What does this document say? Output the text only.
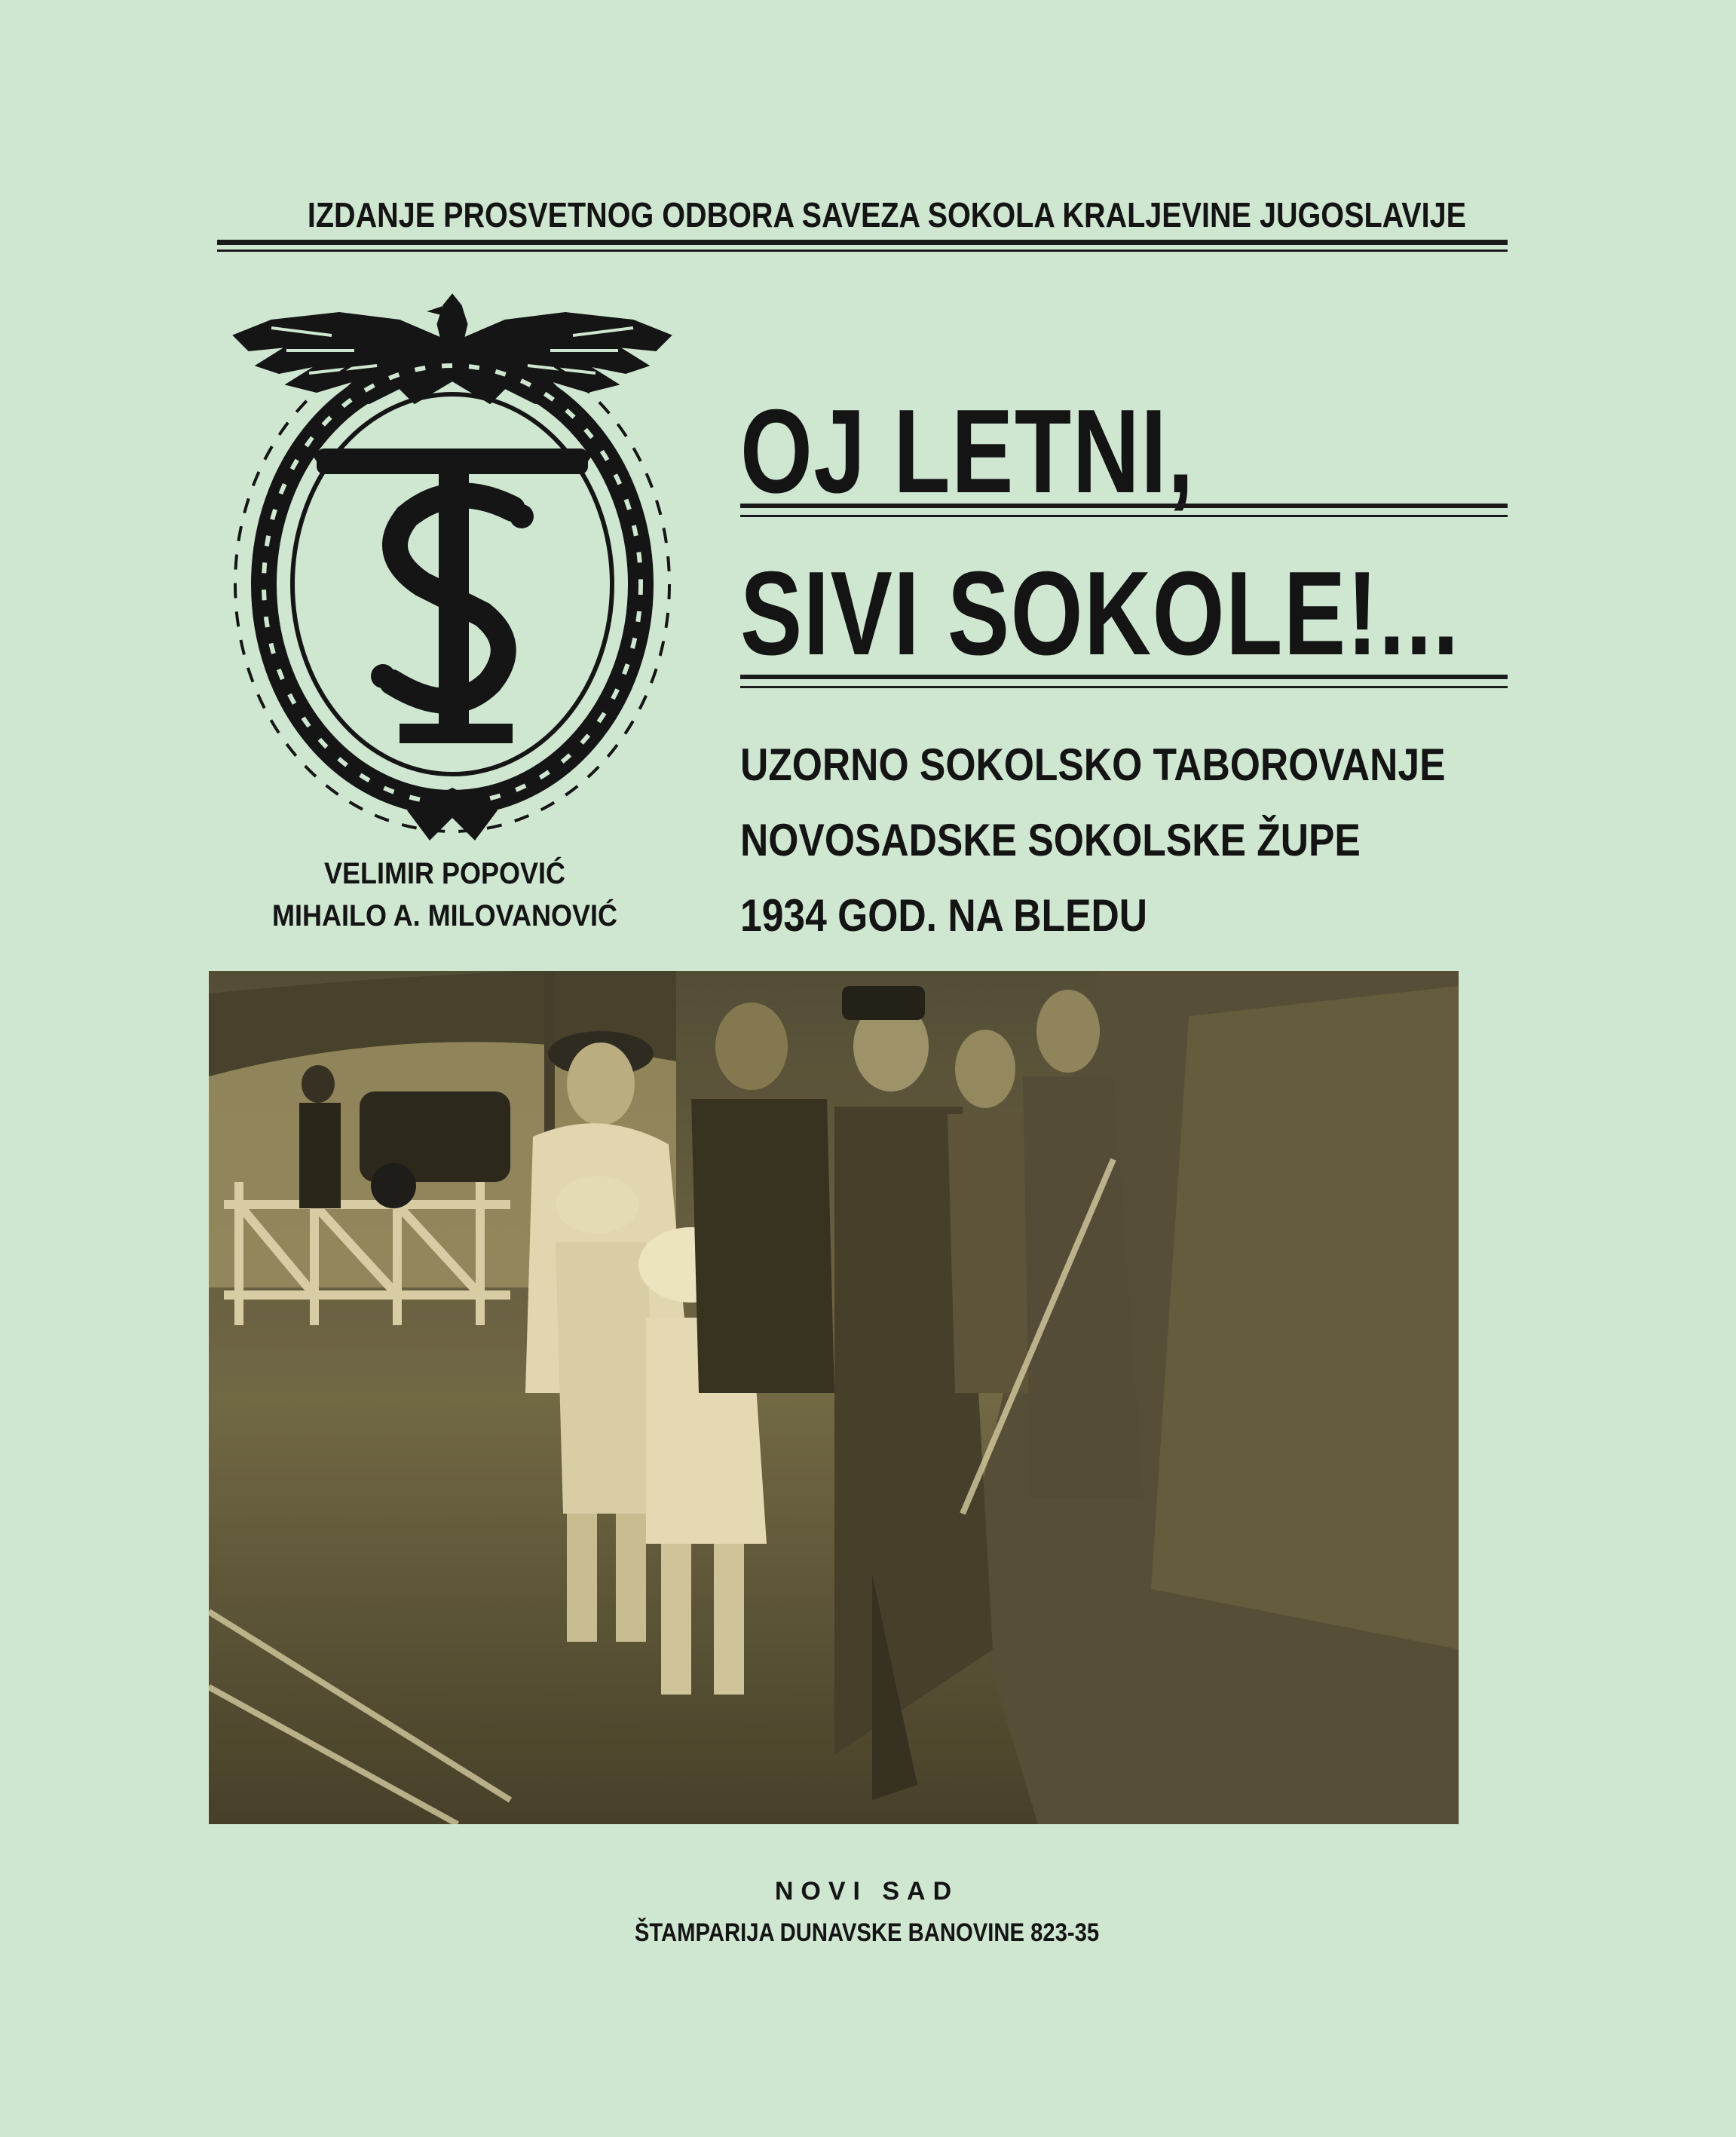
IZDANJE PROSVETNOG ODBORA SAVEZA SOKOLA KRALJEVINE JUGOSLAVIJE
OJ LETNI,
SIVI SOKOLE!...
UZORNO SOKOLSKO TABOROVANJE
NOVOSADSKE SOKOLSKE ŽUPE
1934 GOD. NA BLEDU
VELIMIR POPOVIĆ
MIHAILO A. MILOVANOVIĆ
NOVI SAD
ŠTAMPARIJA DUNAVSKE BANOVINE 823-35
